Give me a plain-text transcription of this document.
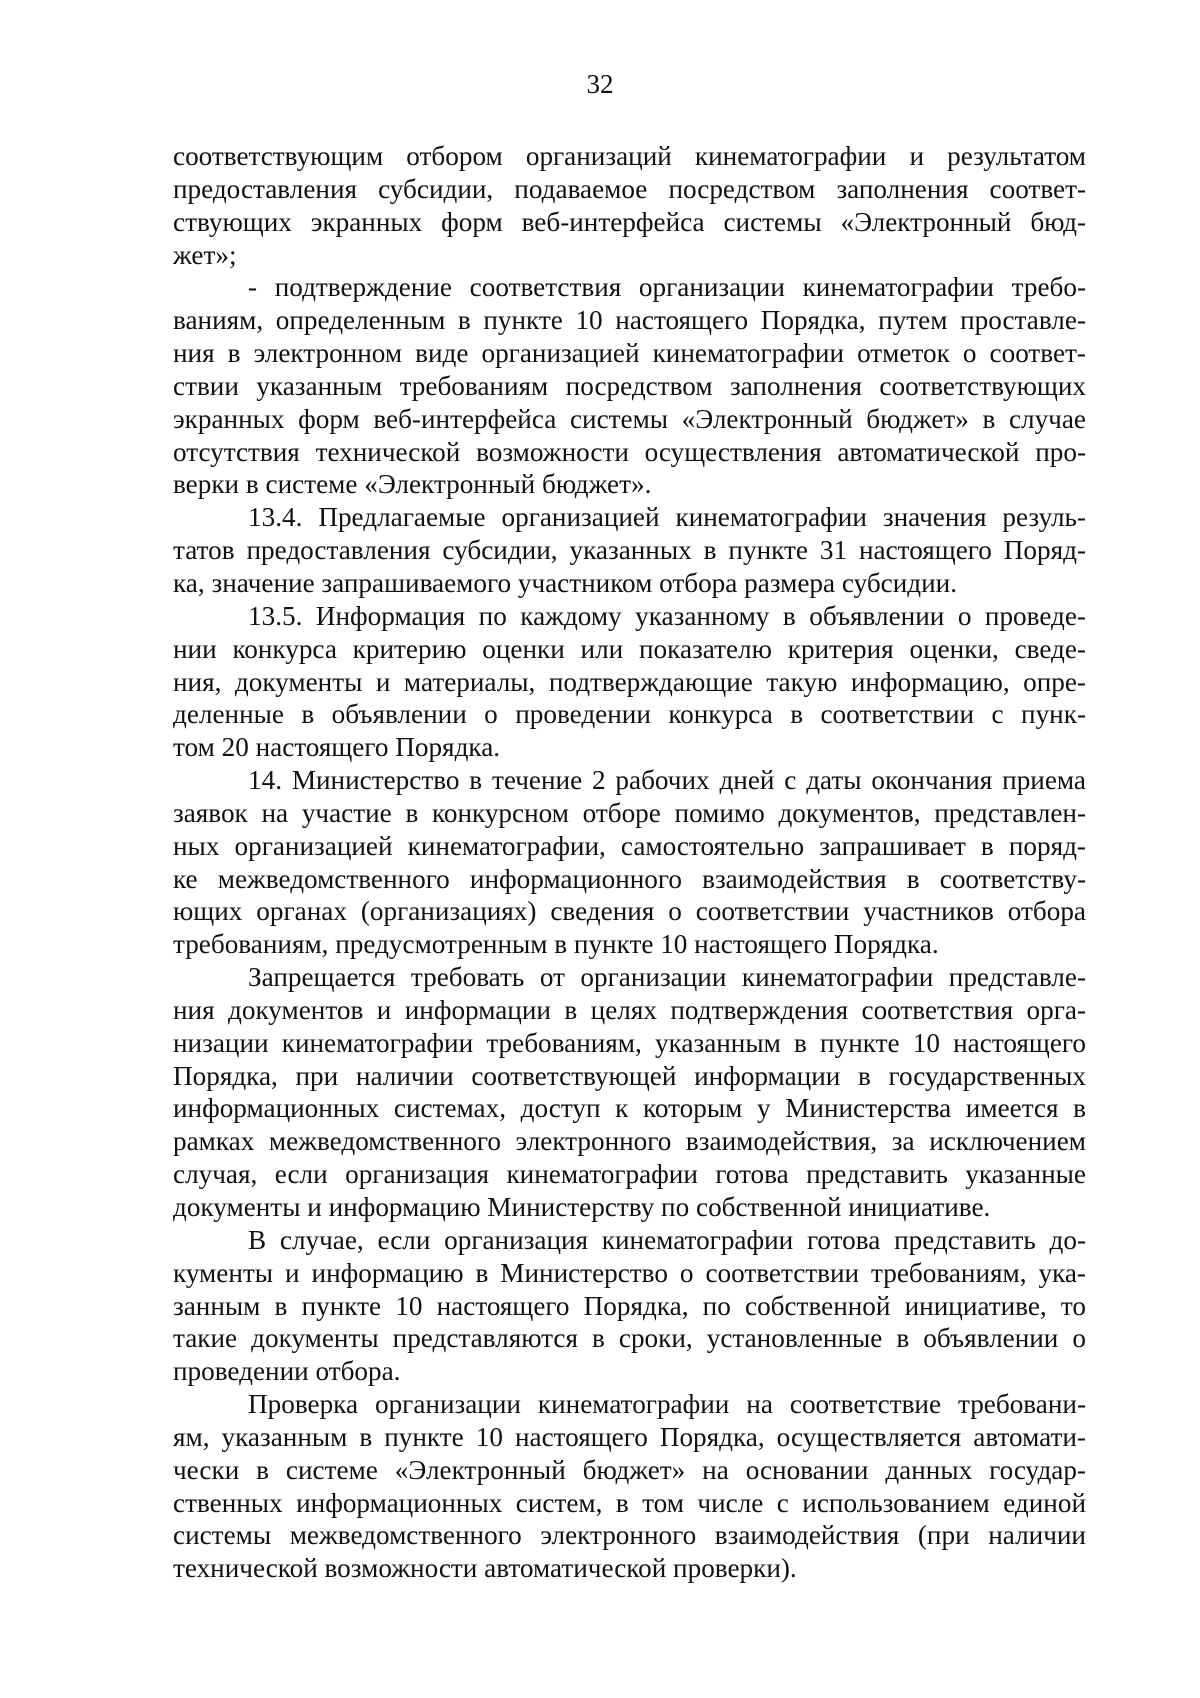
32
соответствующим отбором организаций кинематографии и результатом
предоставления субсидии, подаваемое посредством заполнения соответ-
ствующих экранных форм веб-интерфейса системы «Электронный бюд-
жет»;
- подтверждение соответствия организации кинематографии требо-
ваниям, определенным в пункте 10 настоящего Порядка, путем проставле-
ния в электронном виде организацией кинематографии отметок о соответ-
ствии указанным требованиям посредством заполнения соответствующих
экранных форм веб-интерфейса системы «Электронный бюджет» в случае
отсутствия технической возможности осуществления автоматической про-
верки в системе «Электронный бюджет».
13.4. Предлагаемые организацией кинематографии значения резуль-
татов предоставления субсидии, указанных в пункте 31 настоящего Поряд-
ка, значение запрашиваемого участником отбора размера субсидии.
13.5. Информация по каждому указанному в объявлении о проведе-
нии конкурса критерию оценки или показателю критерия оценки, сведе-
ния, документы и материалы, подтверждающие такую информацию, опре-
деленные в объявлении о проведении конкурса в соответствии с пунк-
том 20 настоящего Порядка.
14. Министерство в течение 2 рабочих дней с даты окончания приема
заявок на участие в конкурсном отборе помимо документов, представлен-
ных организацией кинематографии, самостоятельно запрашивает в поряд-
ке межведомственного информационного взаимодействия в соответству-
ющих органах (организациях) сведения о соответствии участников отбора
требованиям, предусмотренным в пункте 10 настоящего Порядка.
Запрещается требовать от организации кинематографии представле-
ния документов и информации в целях подтверждения соответствия орга-
низации кинематографии требованиям, указанным в пункте 10 настоящего
Порядка, при наличии соответствующей информации в государственных
информационных системах, доступ к которым у Министерства имеется в
рамках межведомственного электронного взаимодействия, за исключением
случая, если организация кинематографии готова представить указанные
документы и информацию Министерству по собственной инициативе.
В случае, если организация кинематографии готова представить до-
кументы и информацию в Министерство о соответствии требованиям, ука-
занным в пункте 10 настоящего Порядка, по собственной инициативе, то
такие документы представляются в сроки, установленные в объявлении о
проведении отбора.
Проверка организации кинематографии на соответствие требовани-
ям, указанным в пункте 10 настоящего Порядка, осуществляется автомати-
чески в системе «Электронный бюджет» на основании данных государ-
ственных информационных систем, в том числе с использованием единой
системы межведомственного электронного взаимодействия (при наличии
технической возможности автоматической проверки).
